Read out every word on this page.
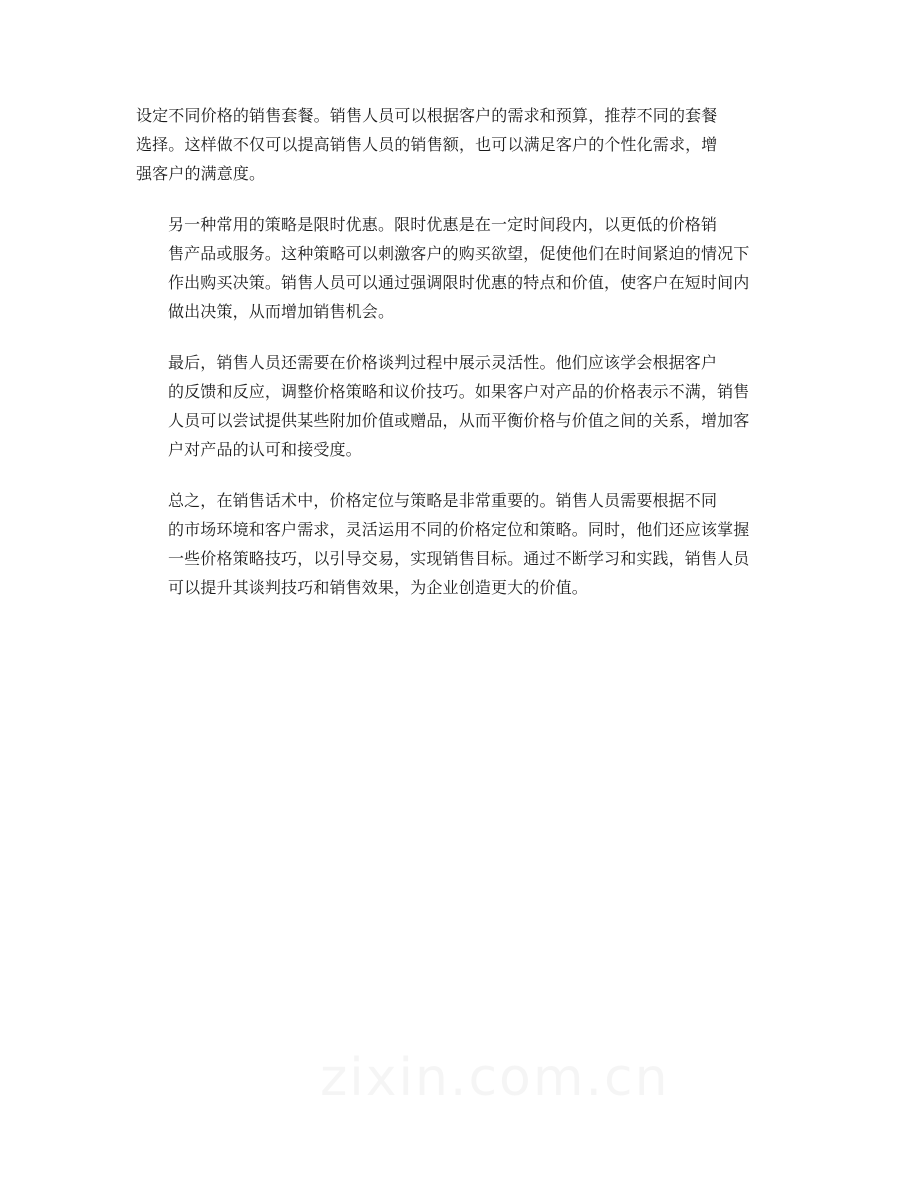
设定不同价格的销售套餐。销售人员可以根据客户的需求和预算，推荐不同的套餐
选择。这样做不仅可以提高销售人员的销售额，也可以满足客户的个性化需求，增
强客户的满意度。

另一种常用的策略是限时优惠。限时优惠是在一定时间段内，以更低的价格销
售产品或服务。这种策略可以刺激客户的购买欲望，促使他们在时间紧迫的情况下
作出购买决策。销售人员可以通过强调限时优惠的特点和价值，使客户在短时间内
做出决策，从而增加销售机会。

最后，销售人员还需要在价格谈判过程中展示灵活性。他们应该学会根据客户
的反馈和反应，调整价格策略和议价技巧。如果客户对产品的价格表示不满，销售
人员可以尝试提供某些附加价值或赠品，从而平衡价格与价值之间的关系，增加客
户对产品的认可和接受度。

总之，在销售话术中，价格定位与策略是非常重要的。销售人员需要根据不同
的市场环境和客户需求，灵活运用不同的价格定位和策略。同时，他们还应该掌握
一些价格策略技巧，以引导交易，实现销售目标。通过不断学习和实践，销售人员
可以提升其谈判技巧和销售效果，为企业创造更大的价值。
